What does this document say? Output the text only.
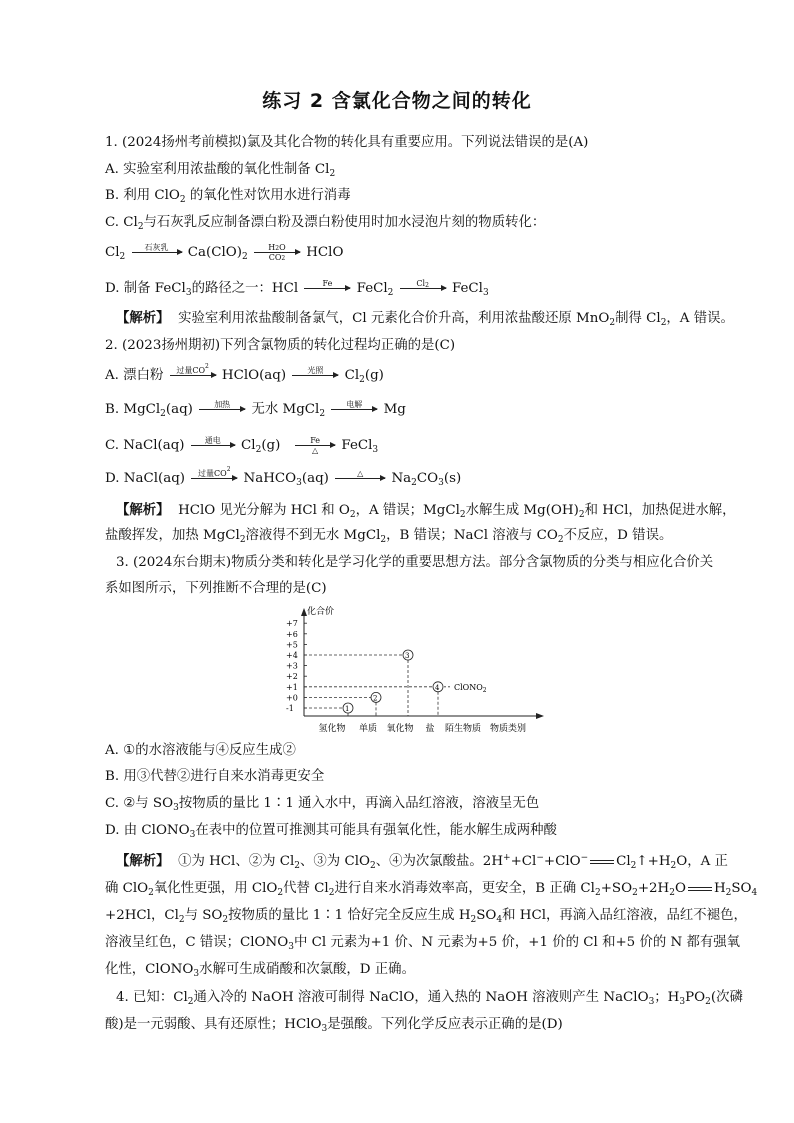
练习 2 含氯化合物之间的转化
1. (2024扬州考前模拟)氯及其化合物的转化具有重要应用。下列说法错误的是(A)
A. 实验室利用浓盐酸的氧化性制备 $Cl_2$
B. 利用 ClO$_2$ 的氧化性对饮用水进行消毒
C. $Cl_2$与石灰乳反应制备漂白粉及漂白粉使用时加水浸泡片刻的物质转化：
$Cl_2$
石灰乳	$Ca(ClO)_2 \frac{H2O}{CO2}$ HClO
D. 制备 FeCl$_3$的路径之一：HCl	Fe	FeCl$_2$
$Cl_2$	FeCl$_3$
【解析】 实验室利用浓盐酸制备氯气，Cl 元素化合价升高，利用浓盐酸还原 MnO$_2$制得 $Cl_2$，A 错误。
2. (2023扬州期初)下列含氯物质的转化过程均正确的是(C)
A. 漂白粉	过量$CO^2$
HClO(aq)	光照	$Cl_2(g)$
B. MgCl$_2$(aq)	加热	无水 MgCl$_2$
电解	Mg
C. NaCl(aq)	通电	$Cl_2(g)$	Fe
△	FeCl$_3$
D. NaCl(aq)	过量$CO^2$
NaHCO$_3$(aq)	△	$Na_2CO_3(s)$
【解析】 HClO 见光分解为 HCl 和 $O_2$，A 错误；MgCl$_2$水解生成 $Mg(OH)_2$和 HCl，加热促进水解，
盐酸挥发，加热 MgCl$_2$溶液得不到无水 MgCl$_2$，B 错误；NaCl 溶液与 $CO_2$不反应，D 错误。
3. (2024东台期末)物质分类和转化是学习化学的重要思想方法。部分含氯物质的分类与相应化合价关
系如图所示，下列推断不合理的是(C)
化合价
物质类别
+7
+6
+5
+4
+3
+2
+1
+0
-1
氢化物 单质 氧化物 盐 陌生物质
1
2
3
4 ClONO$_2$
A. ①的水溶液能与④反应生成②
B. 用③代替②进行自来水消毒更安全
C. ②与 $SO_3$按物质的量比 1∶1 通入水中，再滴入品红溶液，溶液呈无色
D. 由 ClONO$_3$在表中的位置可推测其可能具有强氧化性，能水解生成两种酸
【解析】 ①为 HCl、②为 $Cl_2$、③为 ClO$_2$、④为次氯酸盐。2H++Cl−+ClO− $Cl_2↑+H_2O$，A 正
确 ClO$_2$氧化性更强，用 ClO$_2$代替 $Cl_2$进行自来水消毒效率高，更安全，B 正确 $Cl_2+SO_2+2H_2O$ $H_2SO_4$
+2HCl，$Cl_2$与 $SO_2$按物质的量比 1∶1 恰好完全反应生成 $H_2SO_4$和 HCl，再滴入品红溶液，品红不褪色，
溶液呈红色，C 错误；ClONO$_3$中 Cl 元素为+1 价、N 元素为+5 价，+1 价的 Cl 和+5 价的 N 都有强氧
化性，ClONO$_3$水解可生成硝酸和次氯酸，D 正确。
4. 已知：$Cl_2$通入冷的 NaOH 溶液可制得 NaClO，通入热的 NaOH 溶液则产生 NaClO$_3$；$H_3PO_2$(次磷
酸)是一元弱酸、具有还原性；HClO$_3$是强酸。下列化学反应表示正确的是(D)
